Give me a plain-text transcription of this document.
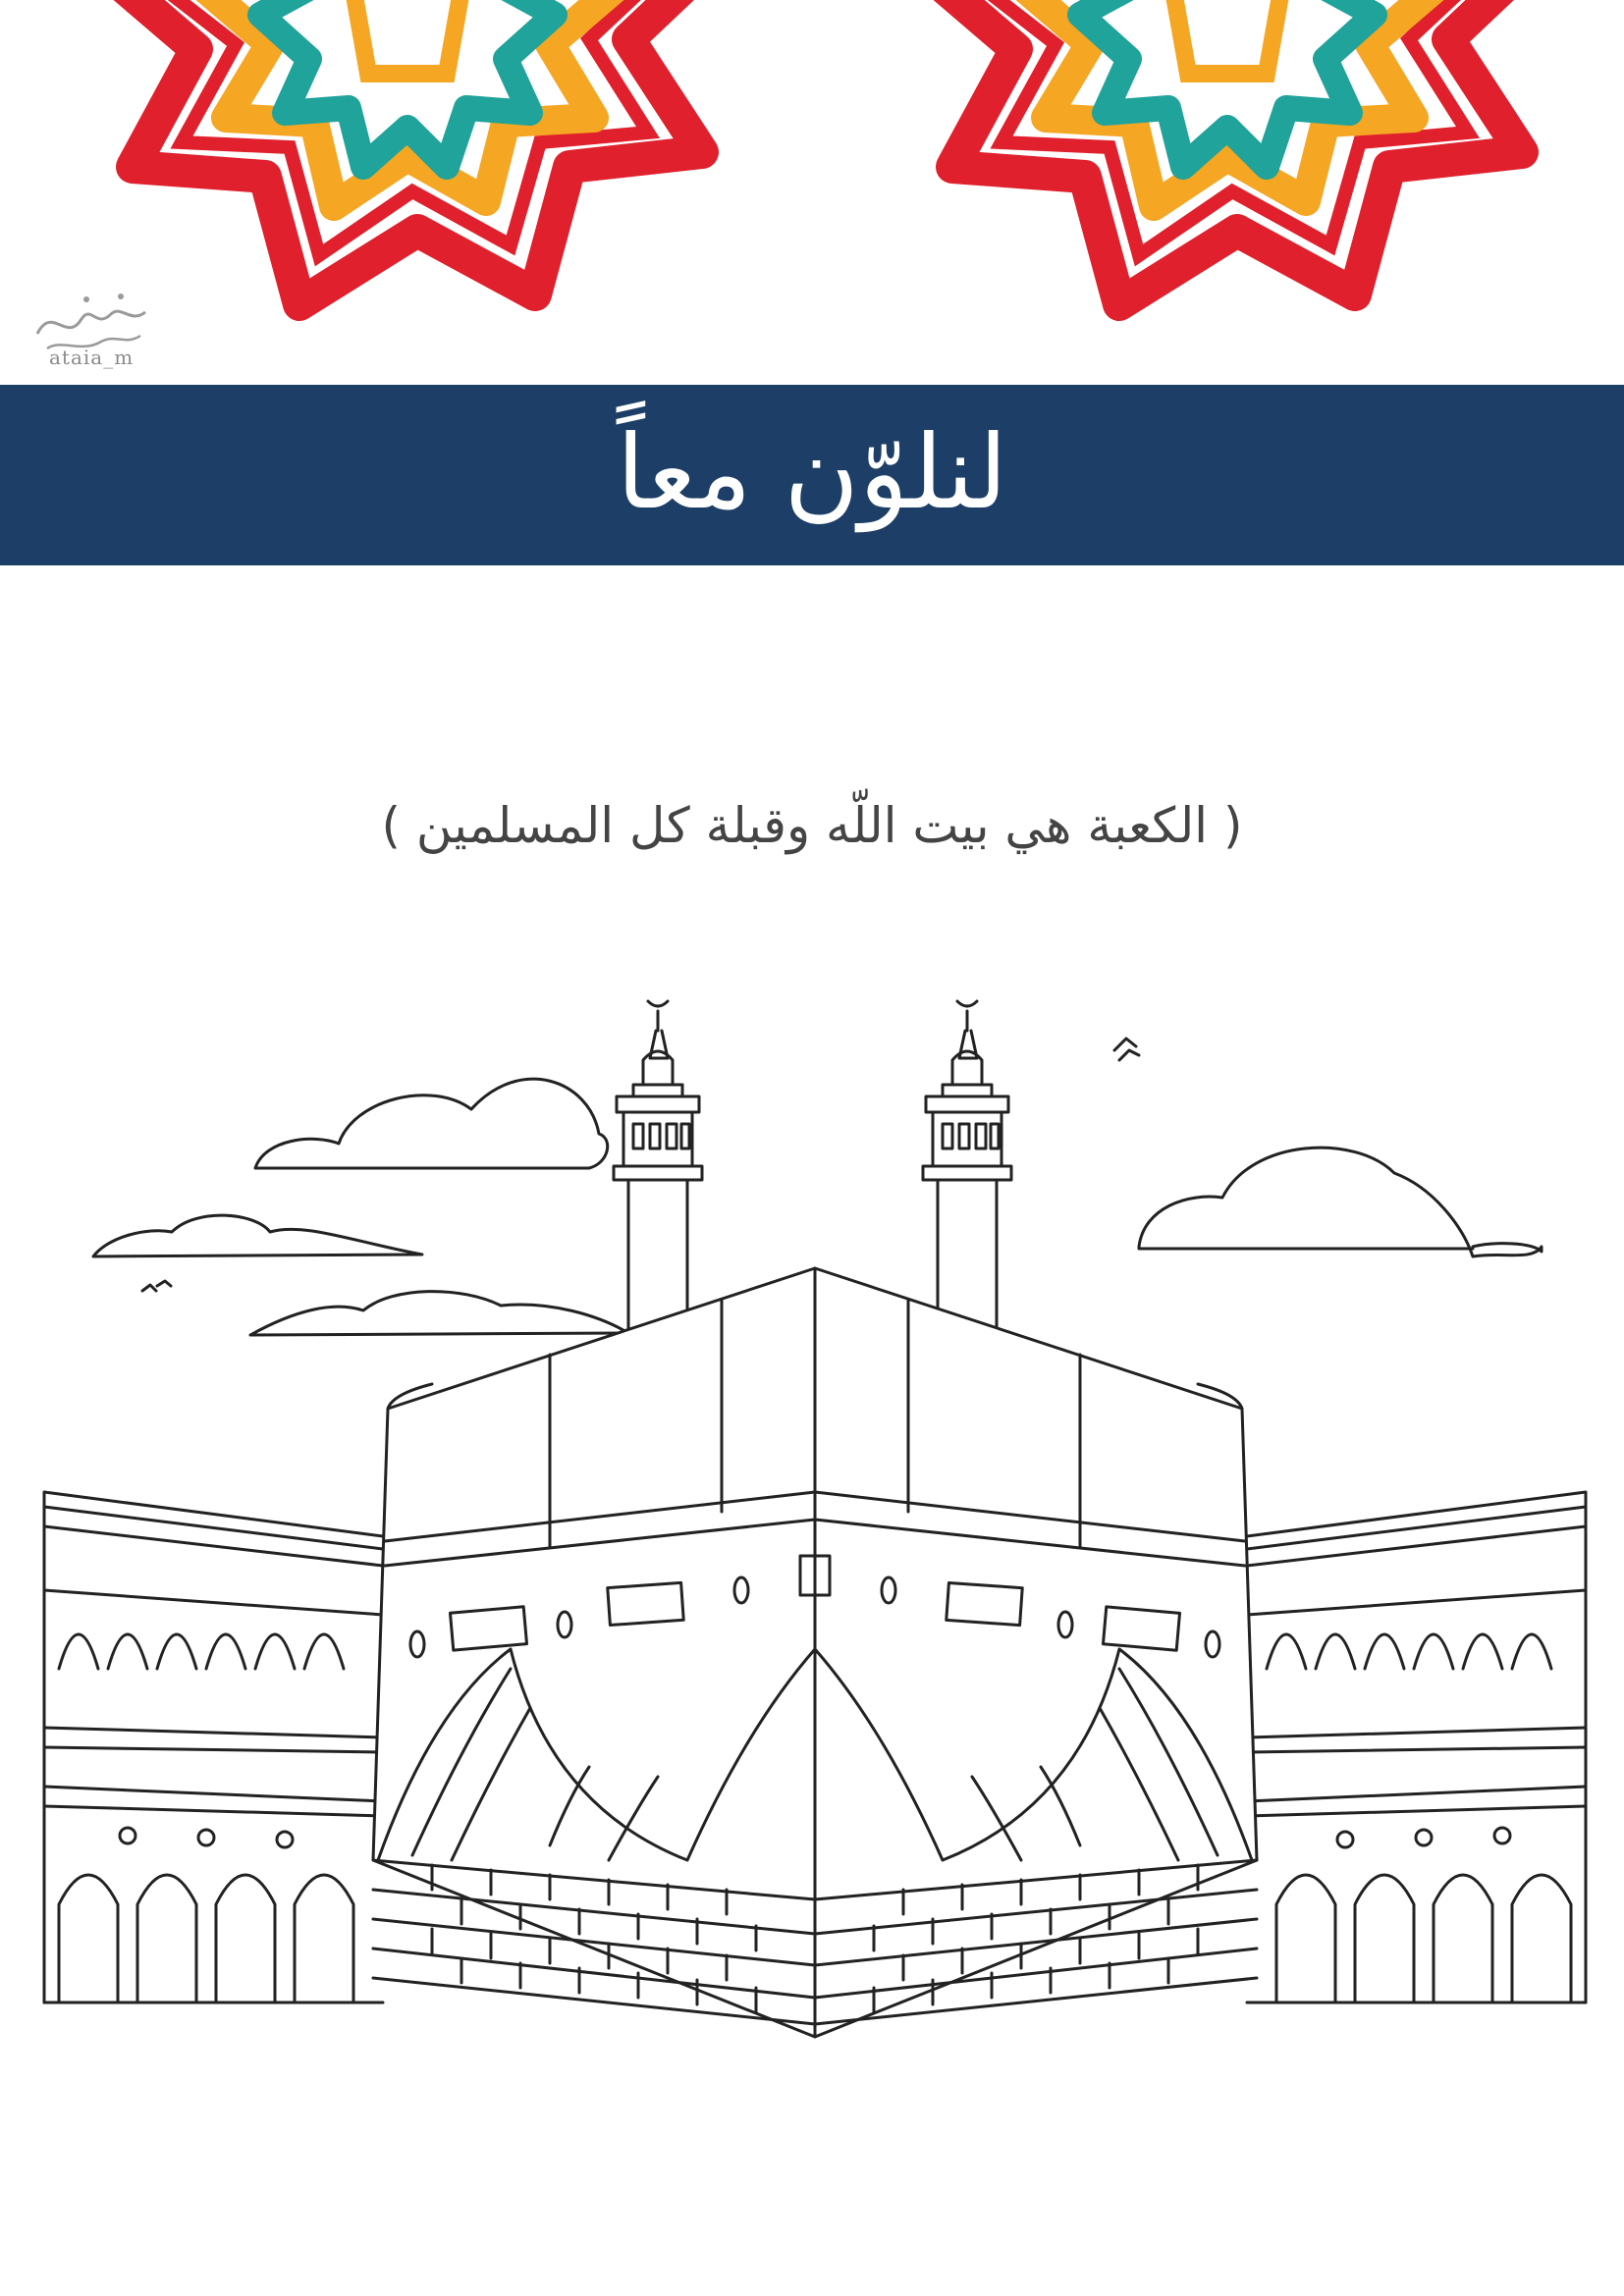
ataia_m
لنلوّن معاً
( الكعبة هي بيت اللّه وقبلة كل المسلمين )
